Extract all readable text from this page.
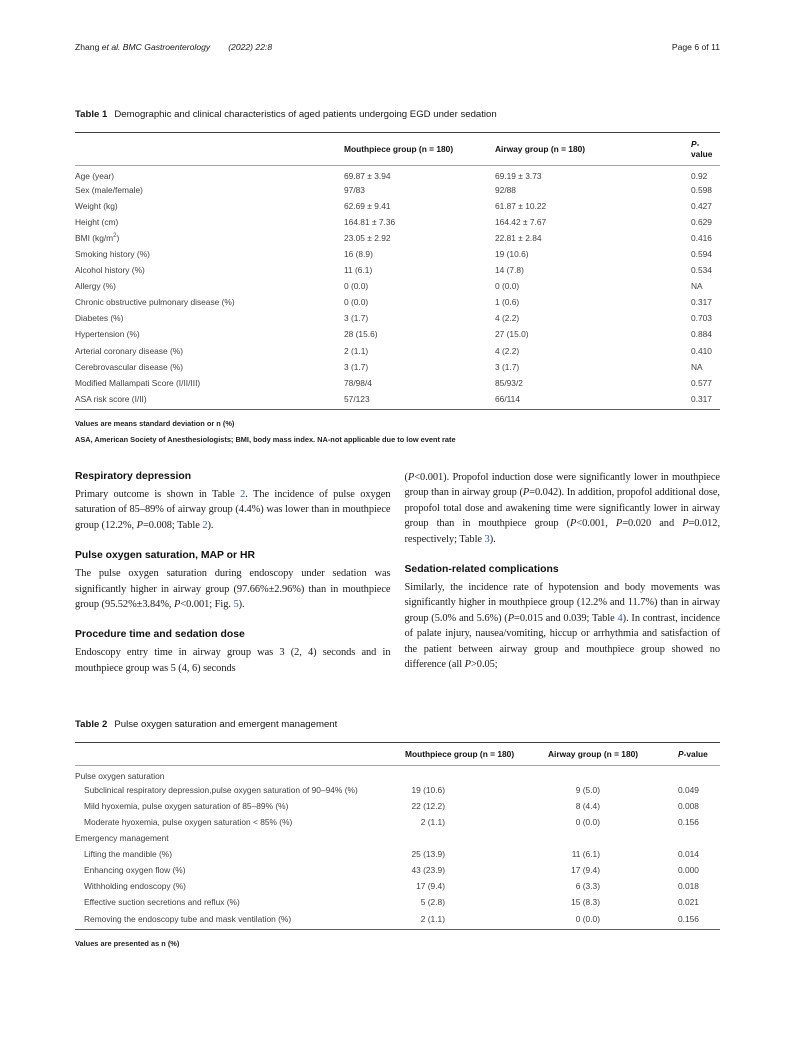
Zhang et al. BMC Gastroenterology (2022) 22:8	Page 6 of 11
Table 1 Demographic and clinical characteristics of aged patients undergoing EGD under sedation
	Mouthpiece group (n = 180)	Airway group (n = 180)	P-value
Age (year)	69.87 ± 3.94	69.19 ± 3.73	0.92
Sex (male/female)	97/83	92/88	0.598
Weight (kg)	62.69 ± 9.41	61.87 ± 10.22	0.427
Height (cm)	164.81 ± 7.36	164.42 ± 7.67	0.629
BMI $(kg/m^2)$	23.05 ± 2.92	22.81 ± 2.84	0.416
Smoking history (%)	16 (8.9)	19 (10.6)	0.594
Alcohol history (%)	11 (6.1)	14 (7.8)	0.534
Allergy (%)	0 (0.0)	0 (0.0)	NA
Chronic obstructive pulmonary disease (%)	0 (0.0)	1 (0.6)	0.317
Diabetes (%)	3 (1.7)	4 (2.2)	0.703
Hypertension (%)	28 (15.6)	27 (15.0)	0.884
Arterial coronary disease (%)	2 (1.1)	4 (2.2)	0.410
Cerebrovascular disease (%)	3 (1.7)	3 (1.7)	NA
Modified Mallampati Score (I/II/III)	78/98/4	85/93/2	0.577
ASA risk score (I/II)	57/123	66/114	0.317
Values are means standard deviation or n (%)
ASA, American Society of Anesthesiologists; BMI, body mass index. NA-not applicable due to low event rate
Respiratory depression

Primary outcome is shown in Table 2. The incidence of pulse oxygen saturation of 85–89% of airway group (4.4%) was lower than in mouthpiece group (12.2%, P=0.008; Table 2).

Pulse oxygen saturation, MAP or HR

The pulse oxygen saturation during endoscopy under sedation was significantly higher in airway group (97.66%±2.96%) than in mouthpiece group (95.52%±3.84%, P<0.001; Fig. 5).

Procedure time and sedation dose

Endoscopy entry time in airway group was 3 (2, 4) seconds and in mouthpiece group was 5 (4, 6) seconds

(P<0.001). Propofol induction dose were significantly lower in mouthpiece group than in airway group (P=0.042). In addition, propofol additional dose, propofol total dose and awakening time were significantly lower in airway group than in mouthpiece group (P<0.001, P=0.020 and P=0.012, respectively; Table 3).

Sedation-related complications

Similarly, the incidence rate of hypotension and body movements was significantly higher in mouthpiece group (12.2% and 11.7%) than in airway group (5.0% and 5.6%) (P=0.015 and 0.039; Table 4). In contrast, incidence of palate injury, nausea/vomiting, hiccup or arrhythmia and satisfaction of the patient between airway group and mouthpiece group showed no difference (all P>0.05;

Table 2 Pulse oxygen saturation and emergent management
	Mouthpiece group (n = 180)	Airway group (n = 180)	P-value
Pulse oxygen saturation			
Subclinical respiratory depression,pulse oxygen saturation of 90–94% (%)	19 (10.6)	9 (5.0)	0.049
Mild hyoxemia, pulse oxygen saturation of 85–89% (%)	22 (12.2)	8 (4.4)	0.008
Moderate hyoxemia, pulse oxygen saturation < 85% (%)	2 (1.1)	0 (0.0)	0.156
Emergency management			
Lifting the mandible (%)	25 (13.9)	11 (6.1)	0.014
Enhancing oxygen flow (%)	43 (23.9)	17 (9.4)	0.000
Withholding endoscopy (%)	17 (9.4)	6 (3.3)	0.018
Effective suction secretions and reflux (%)	5 (2.8)	15 (8.3)	0.021
Removing the endoscopy tube and mask ventilation (%)	2 (1.1)	0 (0.0)	0.156
Values are presented as n (%)
